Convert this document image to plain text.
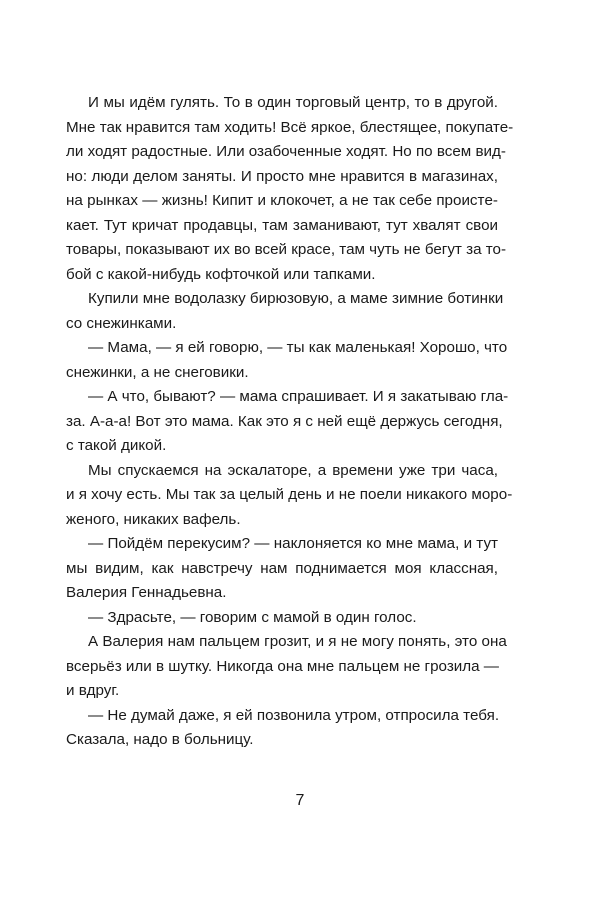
И мы идём гулять. То в один торговый центр, то в другой.
Мне так нравится там ходить! Всё яркое, блестящее, покупате-
ли ходят радостные. Или озабоченные ходят. Но по всем вид-
но: люди делом заняты. И просто мне нравится в магазинах,
на рынках — жизнь! Кипит и клокочет, а не так себе проистe-
кает. Тут кричат продавцы, там заманивают, тут хвалят свои
товары, показывают их во всей красе, там чуть не бегут за то-
бой с какой-нибудь кофточкой или тапками.
Купили мне водолазку бирюзовую, а маме зимние ботинки
со снежинками.
— Мама, — я ей говорю, — ты как маленькая! Хорошо, что
снежинки, а не снеговики.
— А что, бывают? — мама спрашивает. И я закатываю гла-
за. А-а-а! Вот это мама. Как это я с ней ещё держусь сегодня,
с такой дикой.
Мы спускаемся на эскалаторе, а времени уже три часа,
и я хочу есть. Мы так за целый день и не поели никакого моро-
женого, никаких вафель.
— Пойдём перекусим? — наклоняется ко мне мама, и тут
мы видим, как навстречу нам поднимается моя классная,
Валерия Геннадьевна.
— Здрасьте, — говорим с мамой в один голос.
А Валерия нам пальцем грозит, и я не могу понять, это она
всерьёз или в шутку. Никогда она мне пальцем не грозила —
и вдруг.
— Не думай даже, я ей позвонила утром, отпросила тебя.
Сказала, надо в больницу.
7
